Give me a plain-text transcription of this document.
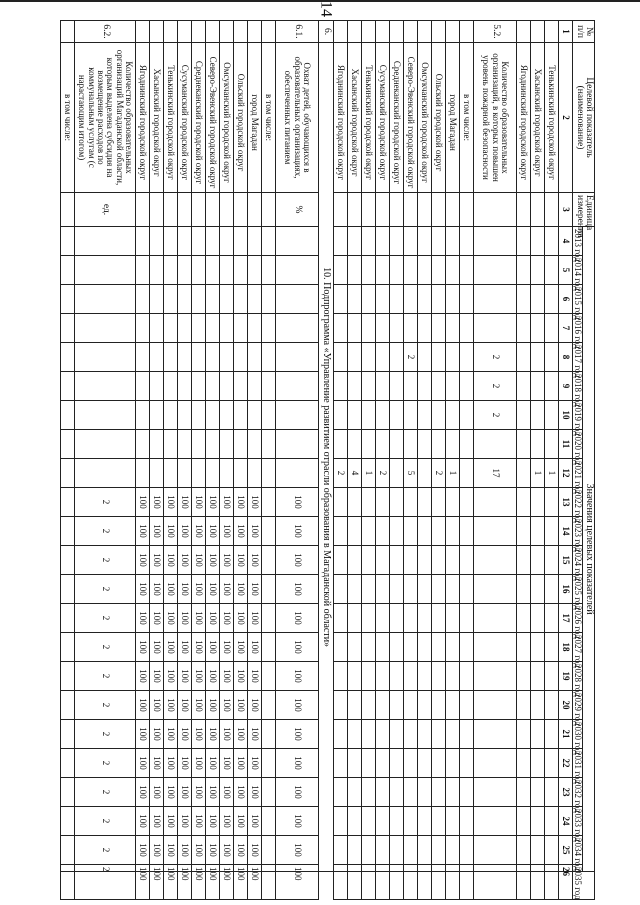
14
№ п/п	Целевой показатель (наименование)	Единица измерения	Значения целевых показателей																							
			2013 год	2014 год	2015 год	2016 год	2017 год	2018 год	2019 год	2020 год	2021 год	2022 год	2023 год	2024 год	2025 год	2026 год	2027 год	2028 год	2029 год	2030 год	2031 год	2032 год	2033 год	2034 год	2035 год	
1	2	3	4	5	6	7	8	9	10	11	12	13	14	15	16	17	18	19	20	21	22	23	24	25	26	
	Тенькинский городской округ										1															
	Хасынский городской округ										1															
	Ягоднинский городской округ																									
5.2.	Количество образовательных организаций, в которых повышен уровень пожарной безопасности						2	2	2		17															
	в том числе:																									
	город Магадан										1															
	Ольский городской округ										2															
	Омсукчанский городской округ																									
	Северо-Эвенский городской округ						2				5															
	Среднеканский городской округ																									
	Сусуманский городской округ										2															
	Тенькинский городской округ										1															
	Хасынский городской округ										4															
	Ягоднинский городской округ										2															
6.	10. Подпрограмма «Управление развитием отрасли образования в Магаданской области»																									
6.1.	Охват детей, обучающихся в образовательных организациях, обеспеченных питанием	%										100	100	100	100	100	100	100	100	100	100	100	100	100	100	
	в том числе:																									
	город Магадан											100	100	100	100	100	100	100	100	100	100	100	100	100	100	
	Ольский городской округ											100	100	100	100	100	100	100	100	100	100	100	100	100	100	
	Омсукчанский городской округ											100	100	100	100	100	100	100	100	100	100	100	100	100	100	
	Северо-Эвенский городской округ											100	100	100	100	100	100	100	100	100	100	100	100	100	100	
	Среднеканский городской округ											100	100	100	100	100	100	100	100	100	100	100	100	100	100	
	Сусуманский городской округ											100	100	100	100	100	100	100	100	100	100	100	100	100	100	
	Тенькинский городской округ											100	100	100	100	100	100	100	100	100	100	100	100	100	100	
	Хасынский городской округ											100	100	100	100	100	100	100	100	100	100	100	100	100	100	
	Ягоднинский городской округ											100	100	100	100	100	100	100	100	100	100	100	100	100	100	
6.2.	Количество образовательных организаций Магаданской области, которым выделена субсидия на возмещение расходов по коммунальным услугам (с нарастающим итогом)	ед.										2	2	2	2	2	2	2	2	2	2	2	2	2	2	
	в том числе:																									
